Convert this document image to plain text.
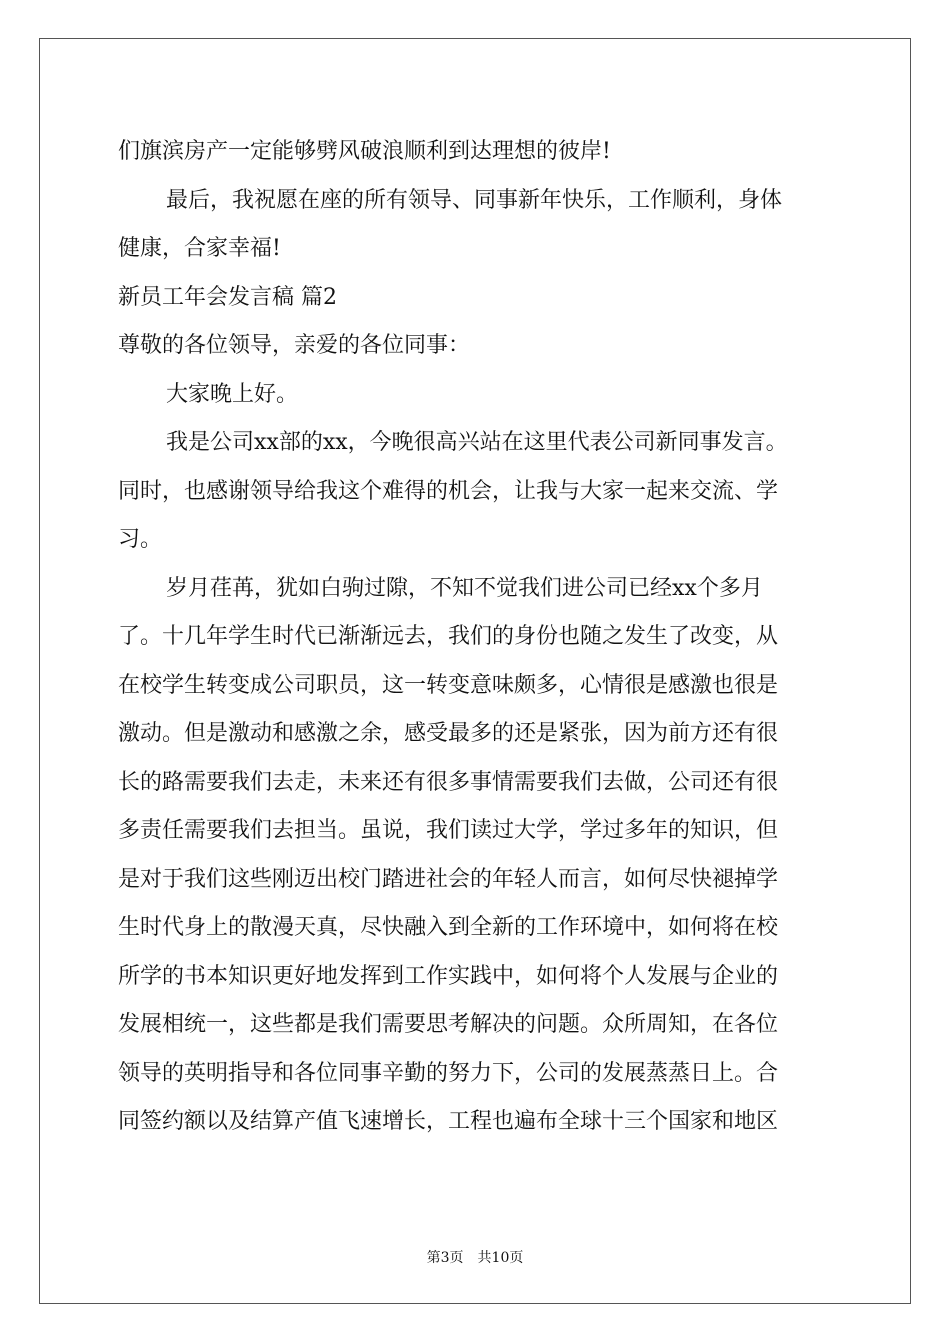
们旗滨房产一定能够劈风破浪顺利到达理想的彼岸!
最后，我祝愿在座的所有领导、同事新年快乐，工作顺利，身体
健康，合家幸福!
新员工年会发言稿 篇2
尊敬的各位领导，亲爱的各位同事：
大家晚上好。
我是公司xx部的xx，今晚很高兴站在这里代表公司新同事发言。
同时，也感谢领导给我这个难得的机会，让我与大家一起来交流、学
习。
岁月荏苒，犹如白驹过隙，不知不觉我们进公司已经xx个多月
了。十几年学生时代已渐渐远去，我们的身份也随之发生了改变，从
在校学生转变成公司职员，这一转变意味颇多，心情很是感激也很是
激动。但是激动和感激之余，感受最多的还是紧张，因为前方还有很
长的路需要我们去走，未来还有很多事情需要我们去做，公司还有很
多责任需要我们去担当。虽说，我们读过大学，学过多年的知识，但
是对于我们这些刚迈出校门踏进社会的年轻人而言，如何尽快褪掉学
生时代身上的散漫天真，尽快融入到全新的工作环境中，如何将在校
所学的书本知识更好地发挥到工作实践中，如何将个人发展与企业的
发展相统一，这些都是我们需要思考解决的问题。众所周知，在各位
领导的英明指导和各位同事辛勤的努力下，公司的发展蒸蒸日上。合
同签约额以及结算产值飞速增长，工程也遍布全球十三个国家和地区
第3页　共10页
